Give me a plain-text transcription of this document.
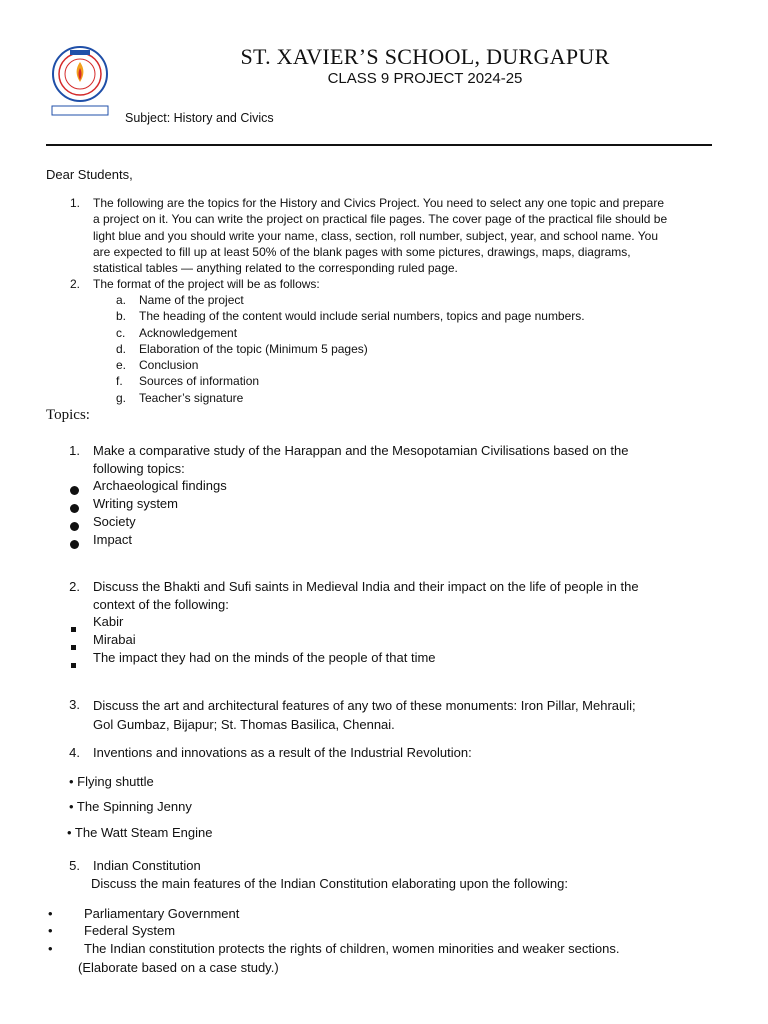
ST. XAVIER’S SCHOOL, DURGAPUR
CLASS 9 PROJECT 2024-25
Subject: History and Civics
Dear Students,
1. The following are the topics for the History and Civics Project. You need to select any one topic and prepare
a project on it. You can write the project on practical file pages. The cover page of the practical file should be
light blue and you should write your name, class, section, roll number, subject, year, and school name. You
are expected to fill up at least 50% of the blank pages with some pictures, drawings, maps, diagrams,
statistical tables — anything related to the corresponding ruled page.
2. The format of the project will be as follows:
a. Name of the project
b. The heading of the content would include serial numbers, topics and page numbers.
c. Acknowledgement
d. Elaboration of the topic (Minimum 5 pages)
e. Conclusion
f. Sources of information
g. Teacher’s signature
Topics:
1. Make a comparative study of the Harappan and the Mesopotamian Civilisations based on the
following topics:
Archaeological findings
Writing system
Society
Impact
2. Discuss the Bhakti and Sufi saints in Medieval India and their impact on the life of people in the
context of the following:
Kabir
Mirabai
The impact they had on the minds of the people of that time
3. Discuss the art and architectural features of any two of these monuments: Iron Pillar, Mehrauli;
Gol Gumbaz, Bijapur; St. Thomas Basilica, Chennai.
4. Inventions and innovations as a result of the Industrial Revolution:
• Flying shuttle
• The Spinning Jenny
• The Watt Steam Engine
5. Indian Constitution
Discuss the main features of the Indian Constitution elaborating upon the following:
• Parliamentary Government
• Federal System
• The Indian constitution protects the rights of children, women minorities and weaker sections.
(Elaborate based on a case study.)
